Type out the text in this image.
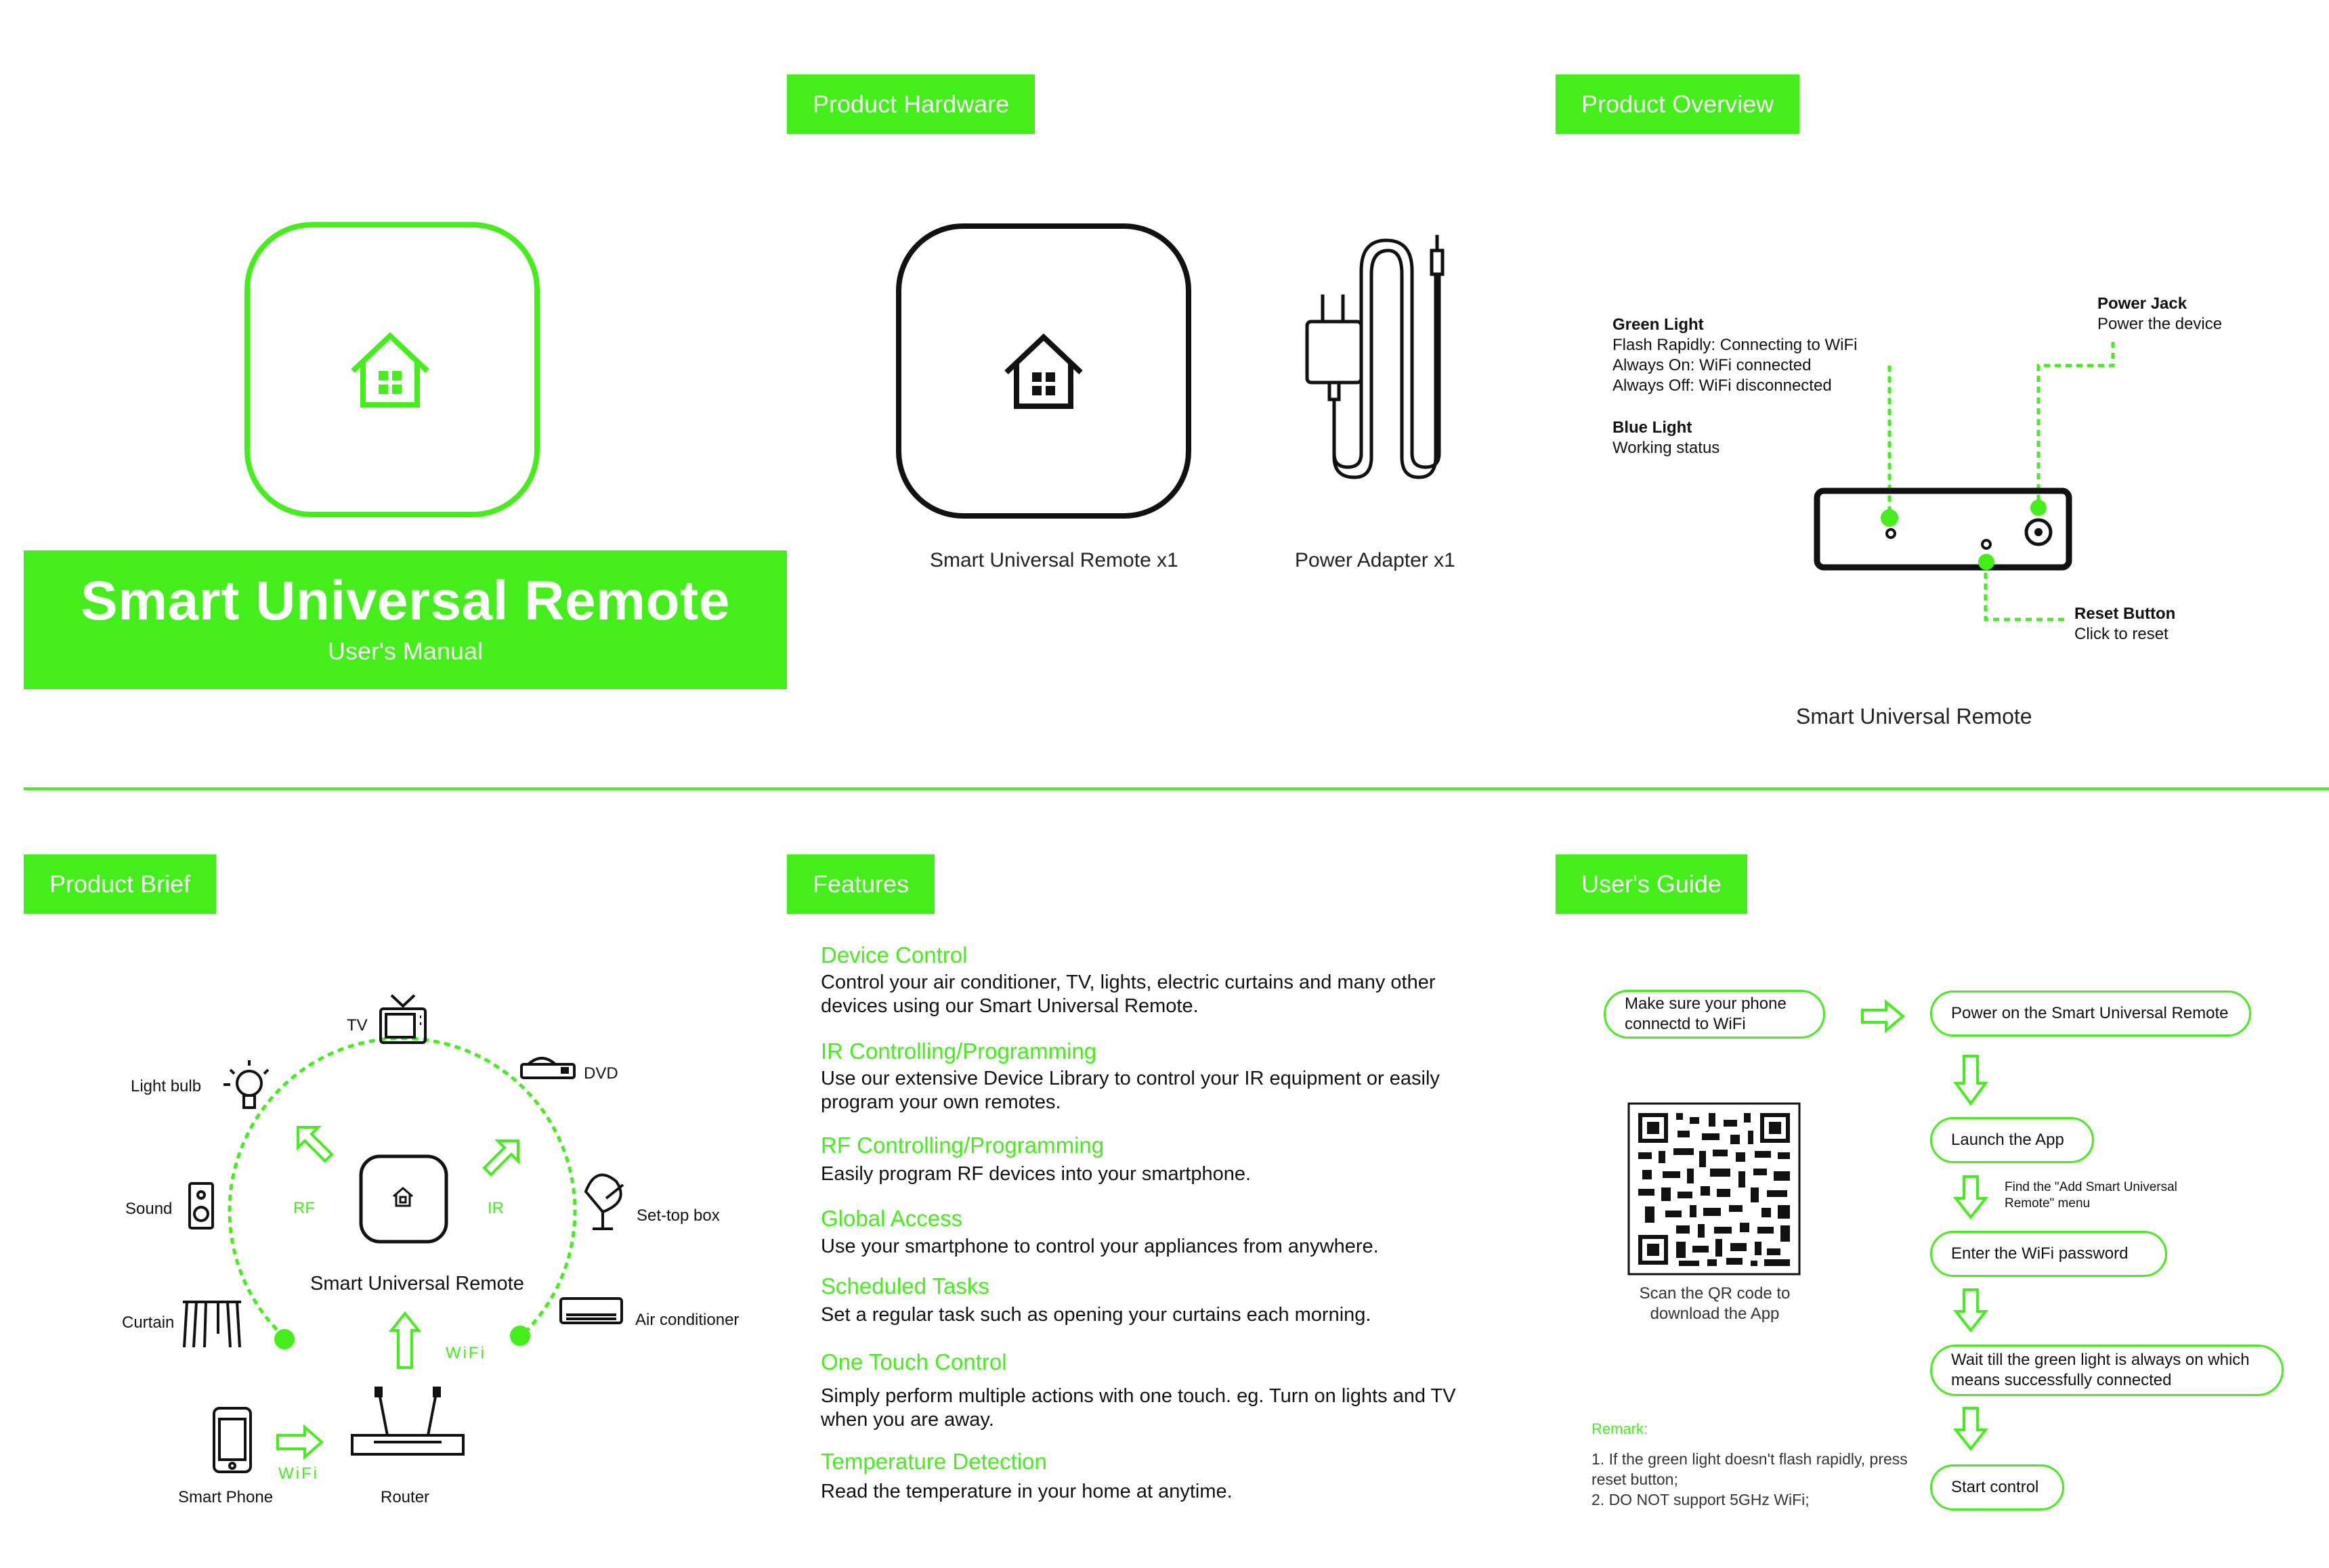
Smart Universal Remote
User's Manual
Product Hardware
Smart Universal Remote x1	Power Adapter x1
Product Overview
Green Light
Flash Rapidly: Connecting to WiFi
Always On: WiFi connected
Always Off: WiFi disconnected
Blue Light
Working status
Power Jack
Power the device
Reset Button
Click to reset
Smart Universal Remote
Product Brief
TV
DVD
Light bulb
Set-top box
Sound
Air conditioner
Curtain
Smart Phone	Router
Smart Universal Remote
RF	IR
WiFi
WiFi
Features
Device Control
Control your air conditioner, TV, lights, electric curtains and many other devices using our Smart Universal Remote.
IR Controlling/Programming
Use our extensive Device Library to control your IR equipment or easily program your own remotes.
RF Controlling/Programming
Easily program RF devices into your smartphone.
Global Access
Use your smartphone to control your appliances from anywhere.
Scheduled Tasks
Set a regular task such as opening your curtains each morning.
One Touch Control
Simply perform multiple actions with one touch. eg. Turn on lights and TV when you are away.
Temperature Detection
Read the temperature in your home at anytime.
User's Guide
Make sure your phone connectd to WiFi
Power on the Smart Universal Remote
Launch the App
Find the "Add Smart Universal Remote" menu
Enter the WiFi password
Wait till the green light is always on which means successfully connected
Start control
Scan the QR code to download the App
Remark:
1. If the green light doesn't flash rapidly, press reset button;
2. DO NOT support 5GHz WiFi;
